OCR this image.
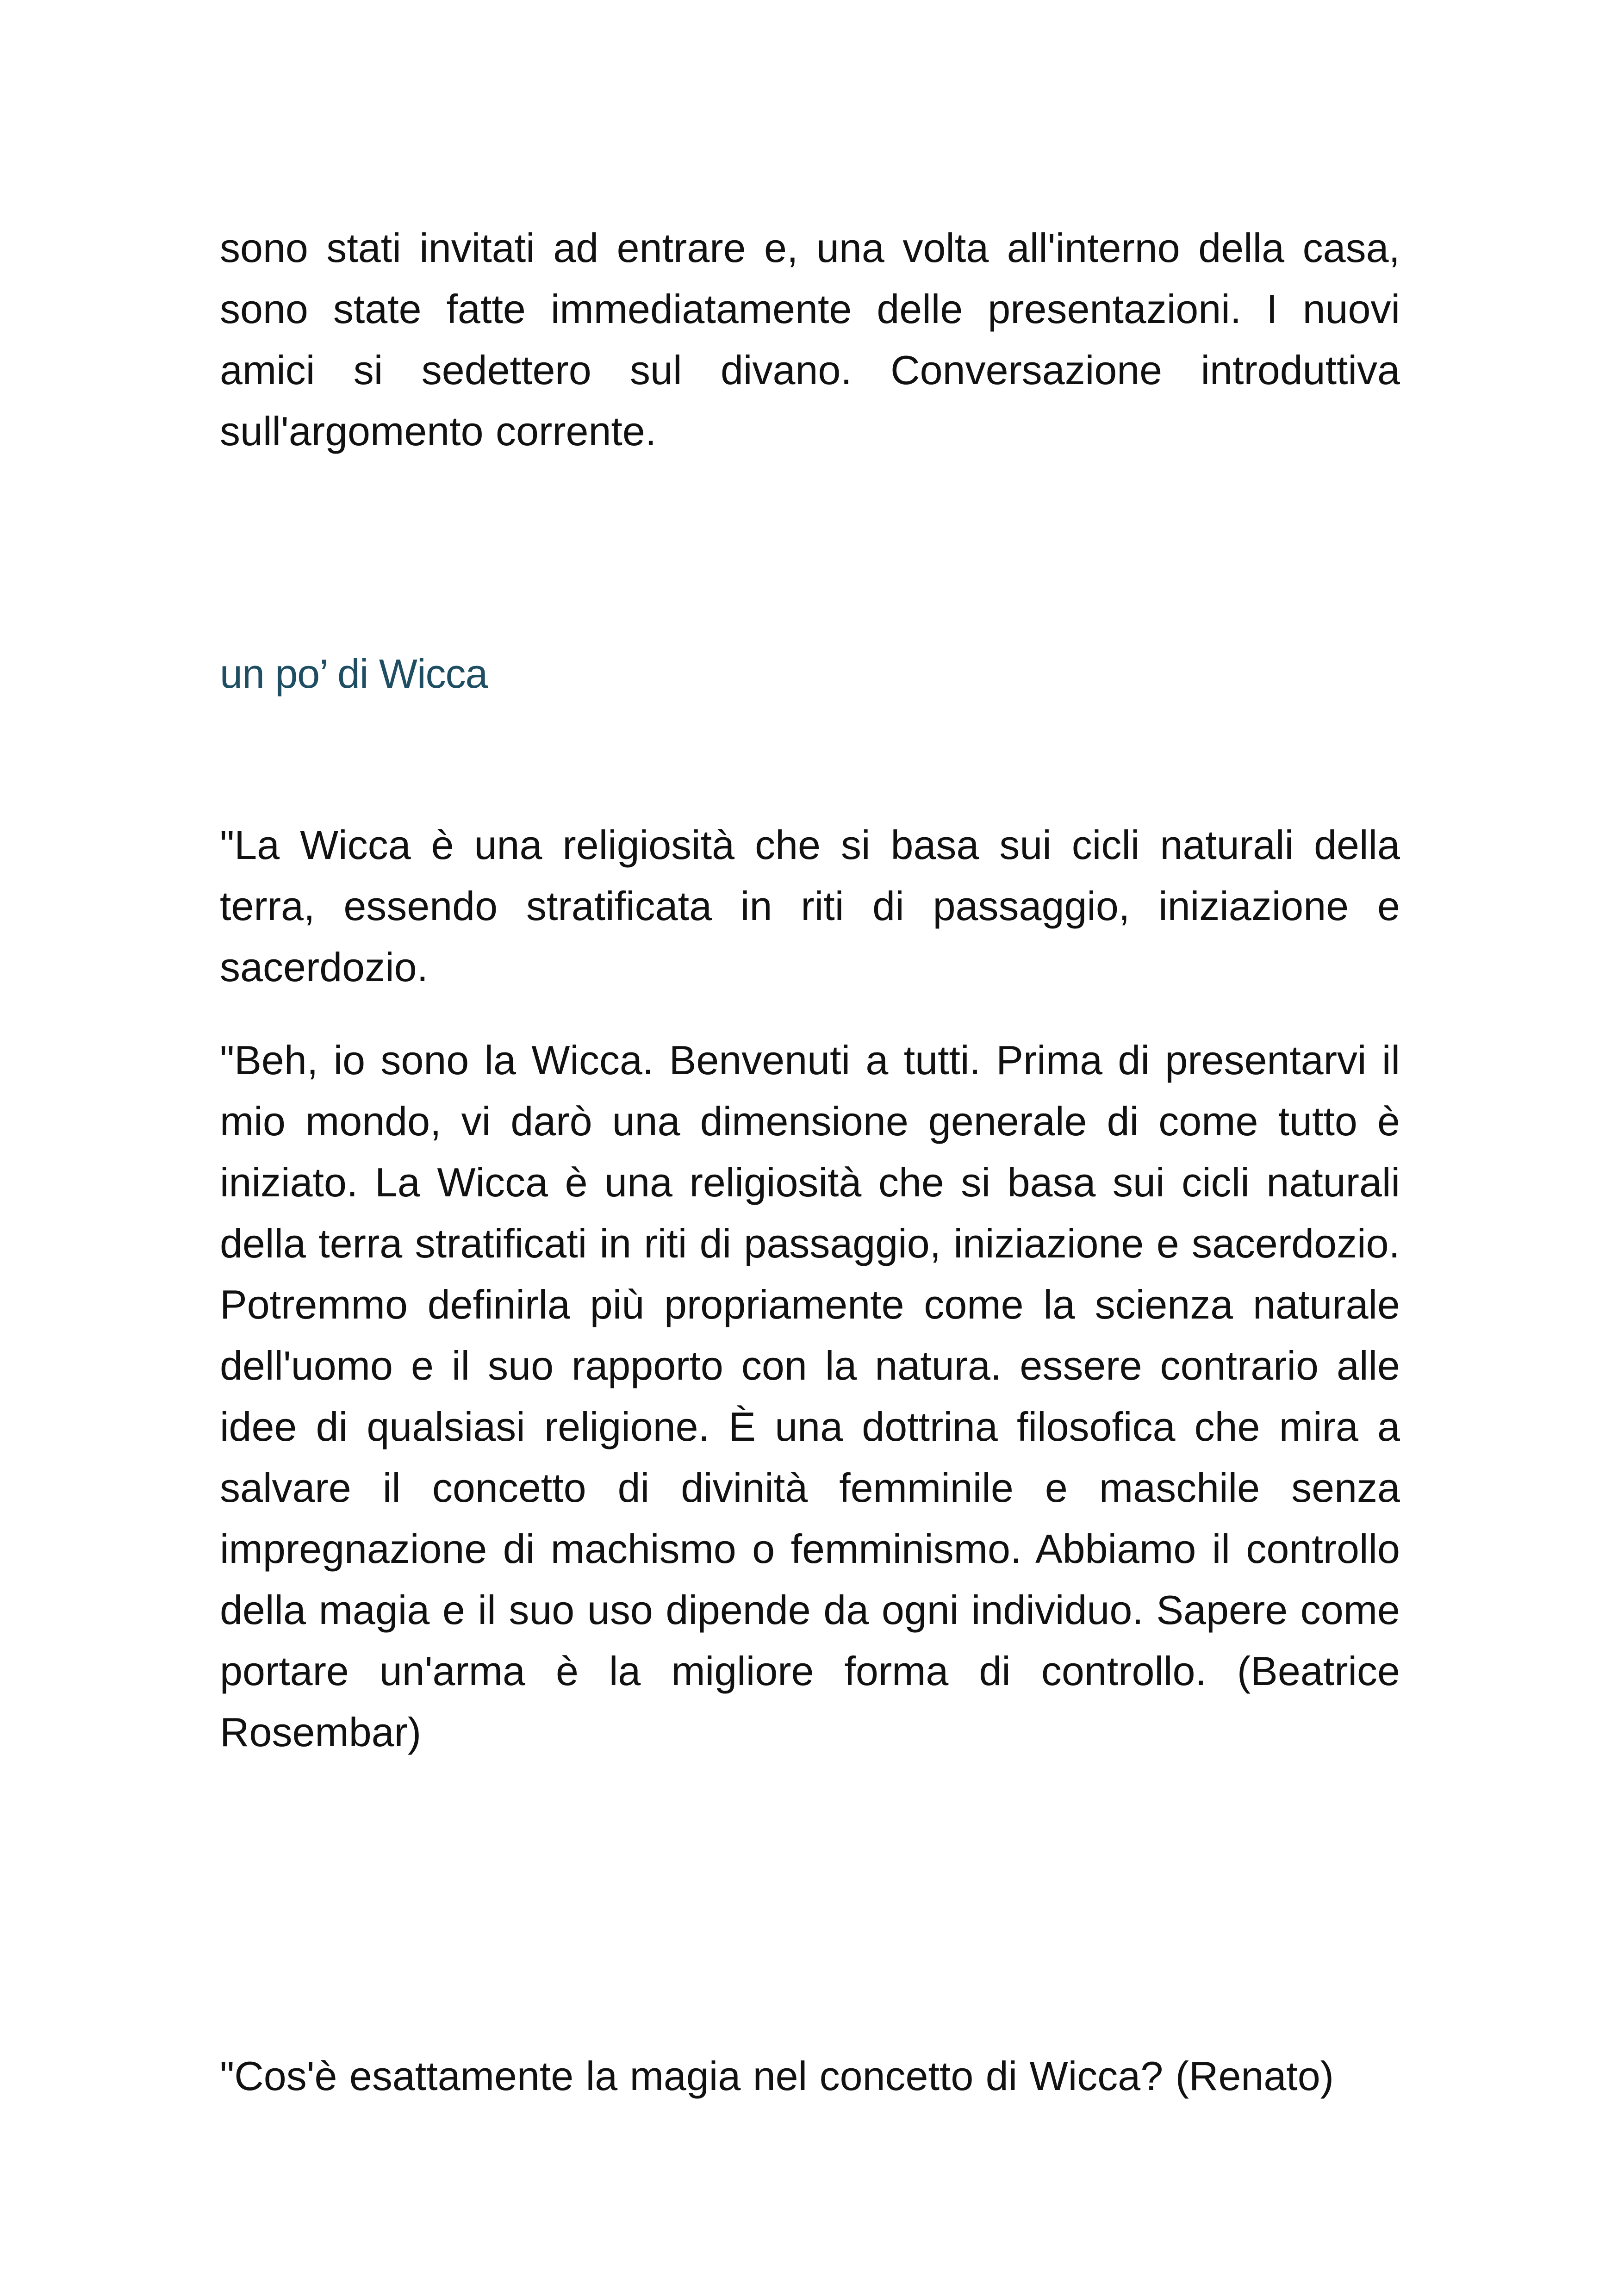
sono stati invitati ad entrare e, una volta all'interno della casa, sono state fatte immediatamente delle presentazioni. I nuovi amici si sedettero sul divano. Conversazione introduttiva sull'argomento corrente.

un po’ di Wicca

"La Wicca è una religiosità che si basa sui cicli naturali della terra, essendo stratificata in riti di passaggio, iniziazione e sacerdozio.

"Beh, io sono la Wicca. Benvenuti a tutti. Prima di presentarvi il mio mondo, vi darò una dimensione generale di come tutto è iniziato. La Wicca è una religiosità che si basa sui cicli naturali della terra stratificati in riti di passaggio, iniziazione e sacerdozio. Potremmo definirla più propriamente come la scienza naturale dell'uomo e il suo rapporto con la natura. essere contrario alle idee di qualsiasi religione. È una dottrina filosofica che mira a salvare il concetto di divinità femminile e maschile senza impregnazione di machismo o femminismo. Abbiamo il controllo della magia e il suo uso dipende da ogni individuo. Sapere come portare un'arma è la migliore forma di controllo. (Beatrice Rosembar)

"Cos'è esattamente la magia nel concetto di Wicca? (Renato)
